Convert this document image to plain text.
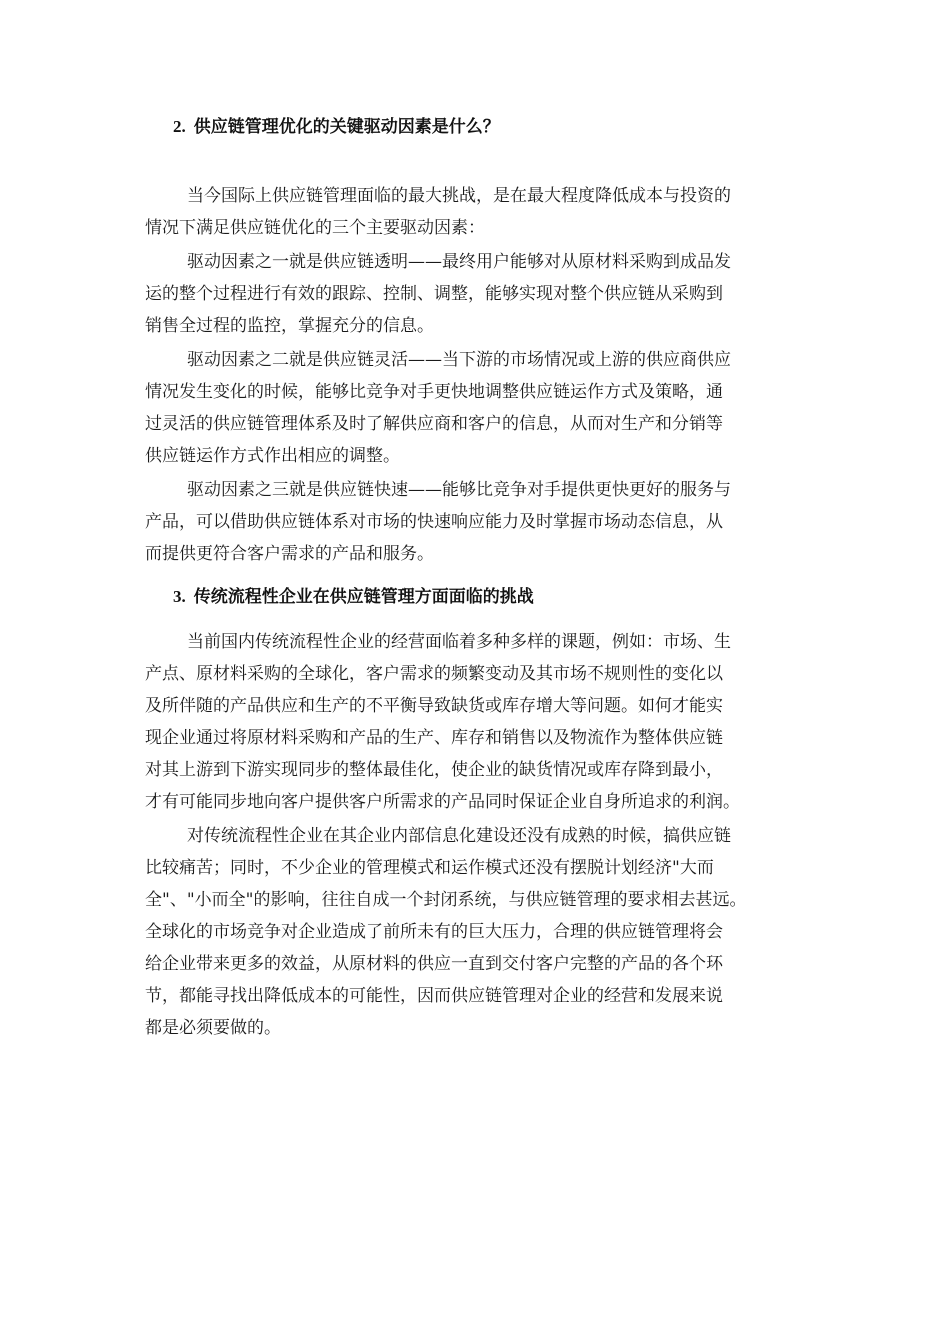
2. 供应链管理优化的关键驱动因素是什么？

当今国际上供应链管理面临的最大挑战，是在最大程度降低成本与投资的
情况下满足供应链优化的三个主要驱动因素：

驱动因素之一就是供应链透明——最终用户能够对从原材料采购到成品发
运的整个过程进行有效的跟踪、控制、调整，能够实现对整个供应链从采购到
销售全过程的监控，掌握充分的信息。

驱动因素之二就是供应链灵活——当下游的市场情况或上游的供应商供应
情况发生变化的时候，能够比竞争对手更快地调整供应链运作方式及策略，通
过灵活的供应链管理体系及时了解供应商和客户的信息，从而对生产和分销等
供应链运作方式作出相应的调整。

驱动因素之三就是供应链快速——能够比竞争对手提供更快更好的服务与
产品，可以借助供应链体系对市场的快速响应能力及时掌握市场动态信息，从
而提供更符合客户需求的产品和服务。

3. 传统流程性企业在供应链管理方面面临的挑战

当前国内传统流程性企业的经营面临着多种多样的课题，例如：市场、生
产点、原材料采购的全球化，客户需求的频繁变动及其市场不规则性的变化以
及所伴随的产品供应和生产的不平衡导致缺货或库存增大等问题。如何才能实
现企业通过将原材料采购和产品的生产、库存和销售以及物流作为整体供应链
对其上游到下游实现同步的整体最佳化，使企业的缺货情况或库存降到最小，
才有可能同步地向客户提供客户所需求的产品同时保证企业自身所追求的利润。

对传统流程性企业在其企业内部信息化建设还没有成熟的时候，搞供应链
比较痛苦；同时，不少企业的管理模式和运作模式还没有摆脱计划经济"大而
全"、"小而全"的影响，往往自成一个封闭系统，与供应链管理的要求相去甚远。
全球化的市场竞争对企业造成了前所未有的巨大压力，合理的供应链管理将会
给企业带来更多的效益，从原材料的供应一直到交付客户完整的产品的各个环
节，都能寻找出降低成本的可能性，因而供应链管理对企业的经营和发展来说
都是必须要做的。
